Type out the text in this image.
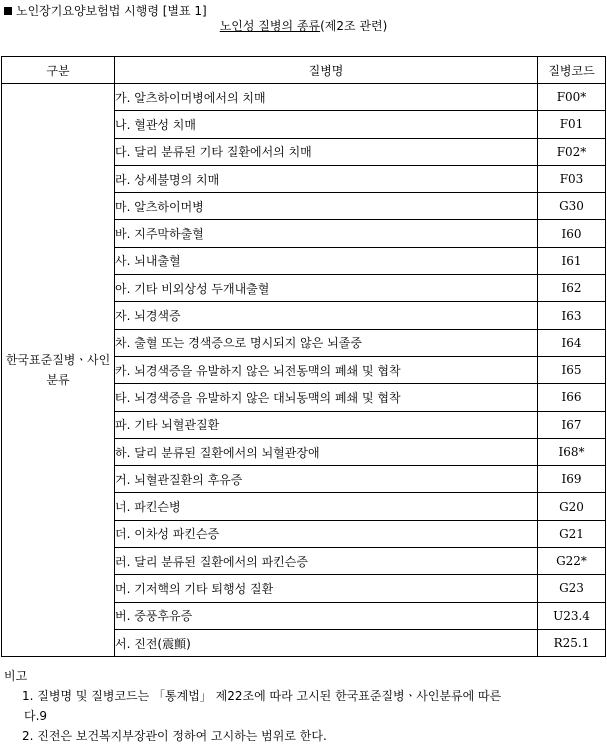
노인장기요양보험법 시행령 [별표 1]
노인성 질병의 종류(제2조 관련)
구분	질병명	질병코드
한국표준질병ㆍ사인분류	가. 알츠하이머병에서의 치매	F00*
	나. 혈관성 치매	F01
	다. 달리 분류된 기타 질환에서의 치매	F02*
	라. 상세불명의 치매	F03
	마. 알츠하이머병	G30
	바. 지주막하출혈	I60
	사. 뇌내출혈	I61
	아. 기타 비외상성 두개내출혈	I62
	자. 뇌경색증	I63
	차. 출혈 또는 경색증으로 명시되지 않은 뇌졸중	I64
	카. 뇌경색증을 유발하지 않은 뇌전동맥의 폐쇄 및 협착	I65
	타. 뇌경색증을 유발하지 않은 대뇌동맥의 폐쇄 및 협착	I66
	파. 기타 뇌혈관질환	I67
	하. 달리 분류된 질환에서의 뇌혈관장애	I68*
	거. 뇌혈관질환의 후유증	I69
	너. 파킨슨병	G20
	더. 이차성 파킨슨증	G21
	러. 달리 분류된 질환에서의 파킨슨증	G22*
	머. 기저핵의 기타 퇴행성 질환	G23
	버. 중풍후유증	U23.4
	서. 진전(震顫)	R25.1
비고
1. 질병명 및 질병코드는 「통계법」 제22조에 따라 고시된 한국표준질병ㆍ사인분류에 따른
다.9
2. 진전은 보건복지부장관이 정하여 고시하는 범위로 한다.
